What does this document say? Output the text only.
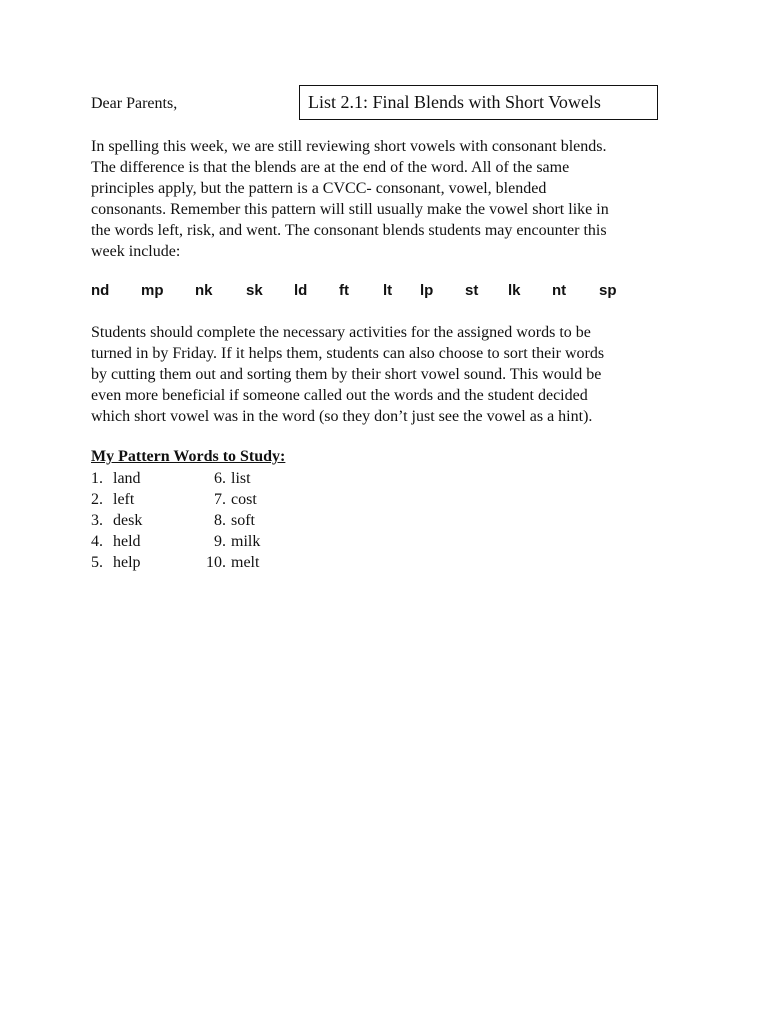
Dear Parents,	List 2.1: Final Blends with Short Vowels
In spelling this week, we are still reviewing short vowels with consonant blends.
The difference is that the blends are at the end of the word. All of the same
principles apply, but the pattern is a CVCC- consonant, vowel, blended
consonants. Remember this pattern will still usually make the vowel short like in
the words left, risk, and went. The consonant blends students may encounter this
week include:
nd mp nk sk ld ft lt lp st lk nt sp
Students should complete the necessary activities for the assigned words to be
turned in by Friday. If it helps them, students can also choose to sort their words
by cutting them out and sorting them by their short vowel sound. This would be
even more beneficial if someone called out the words and the student decided
which short vowel was in the word (so they don’t just see the vowel as a hint).
My Pattern Words to Study:
1. land	6. list
2. left	7. cost
3. desk	8. soft
4. held	9. milk
5. help	10. melt
